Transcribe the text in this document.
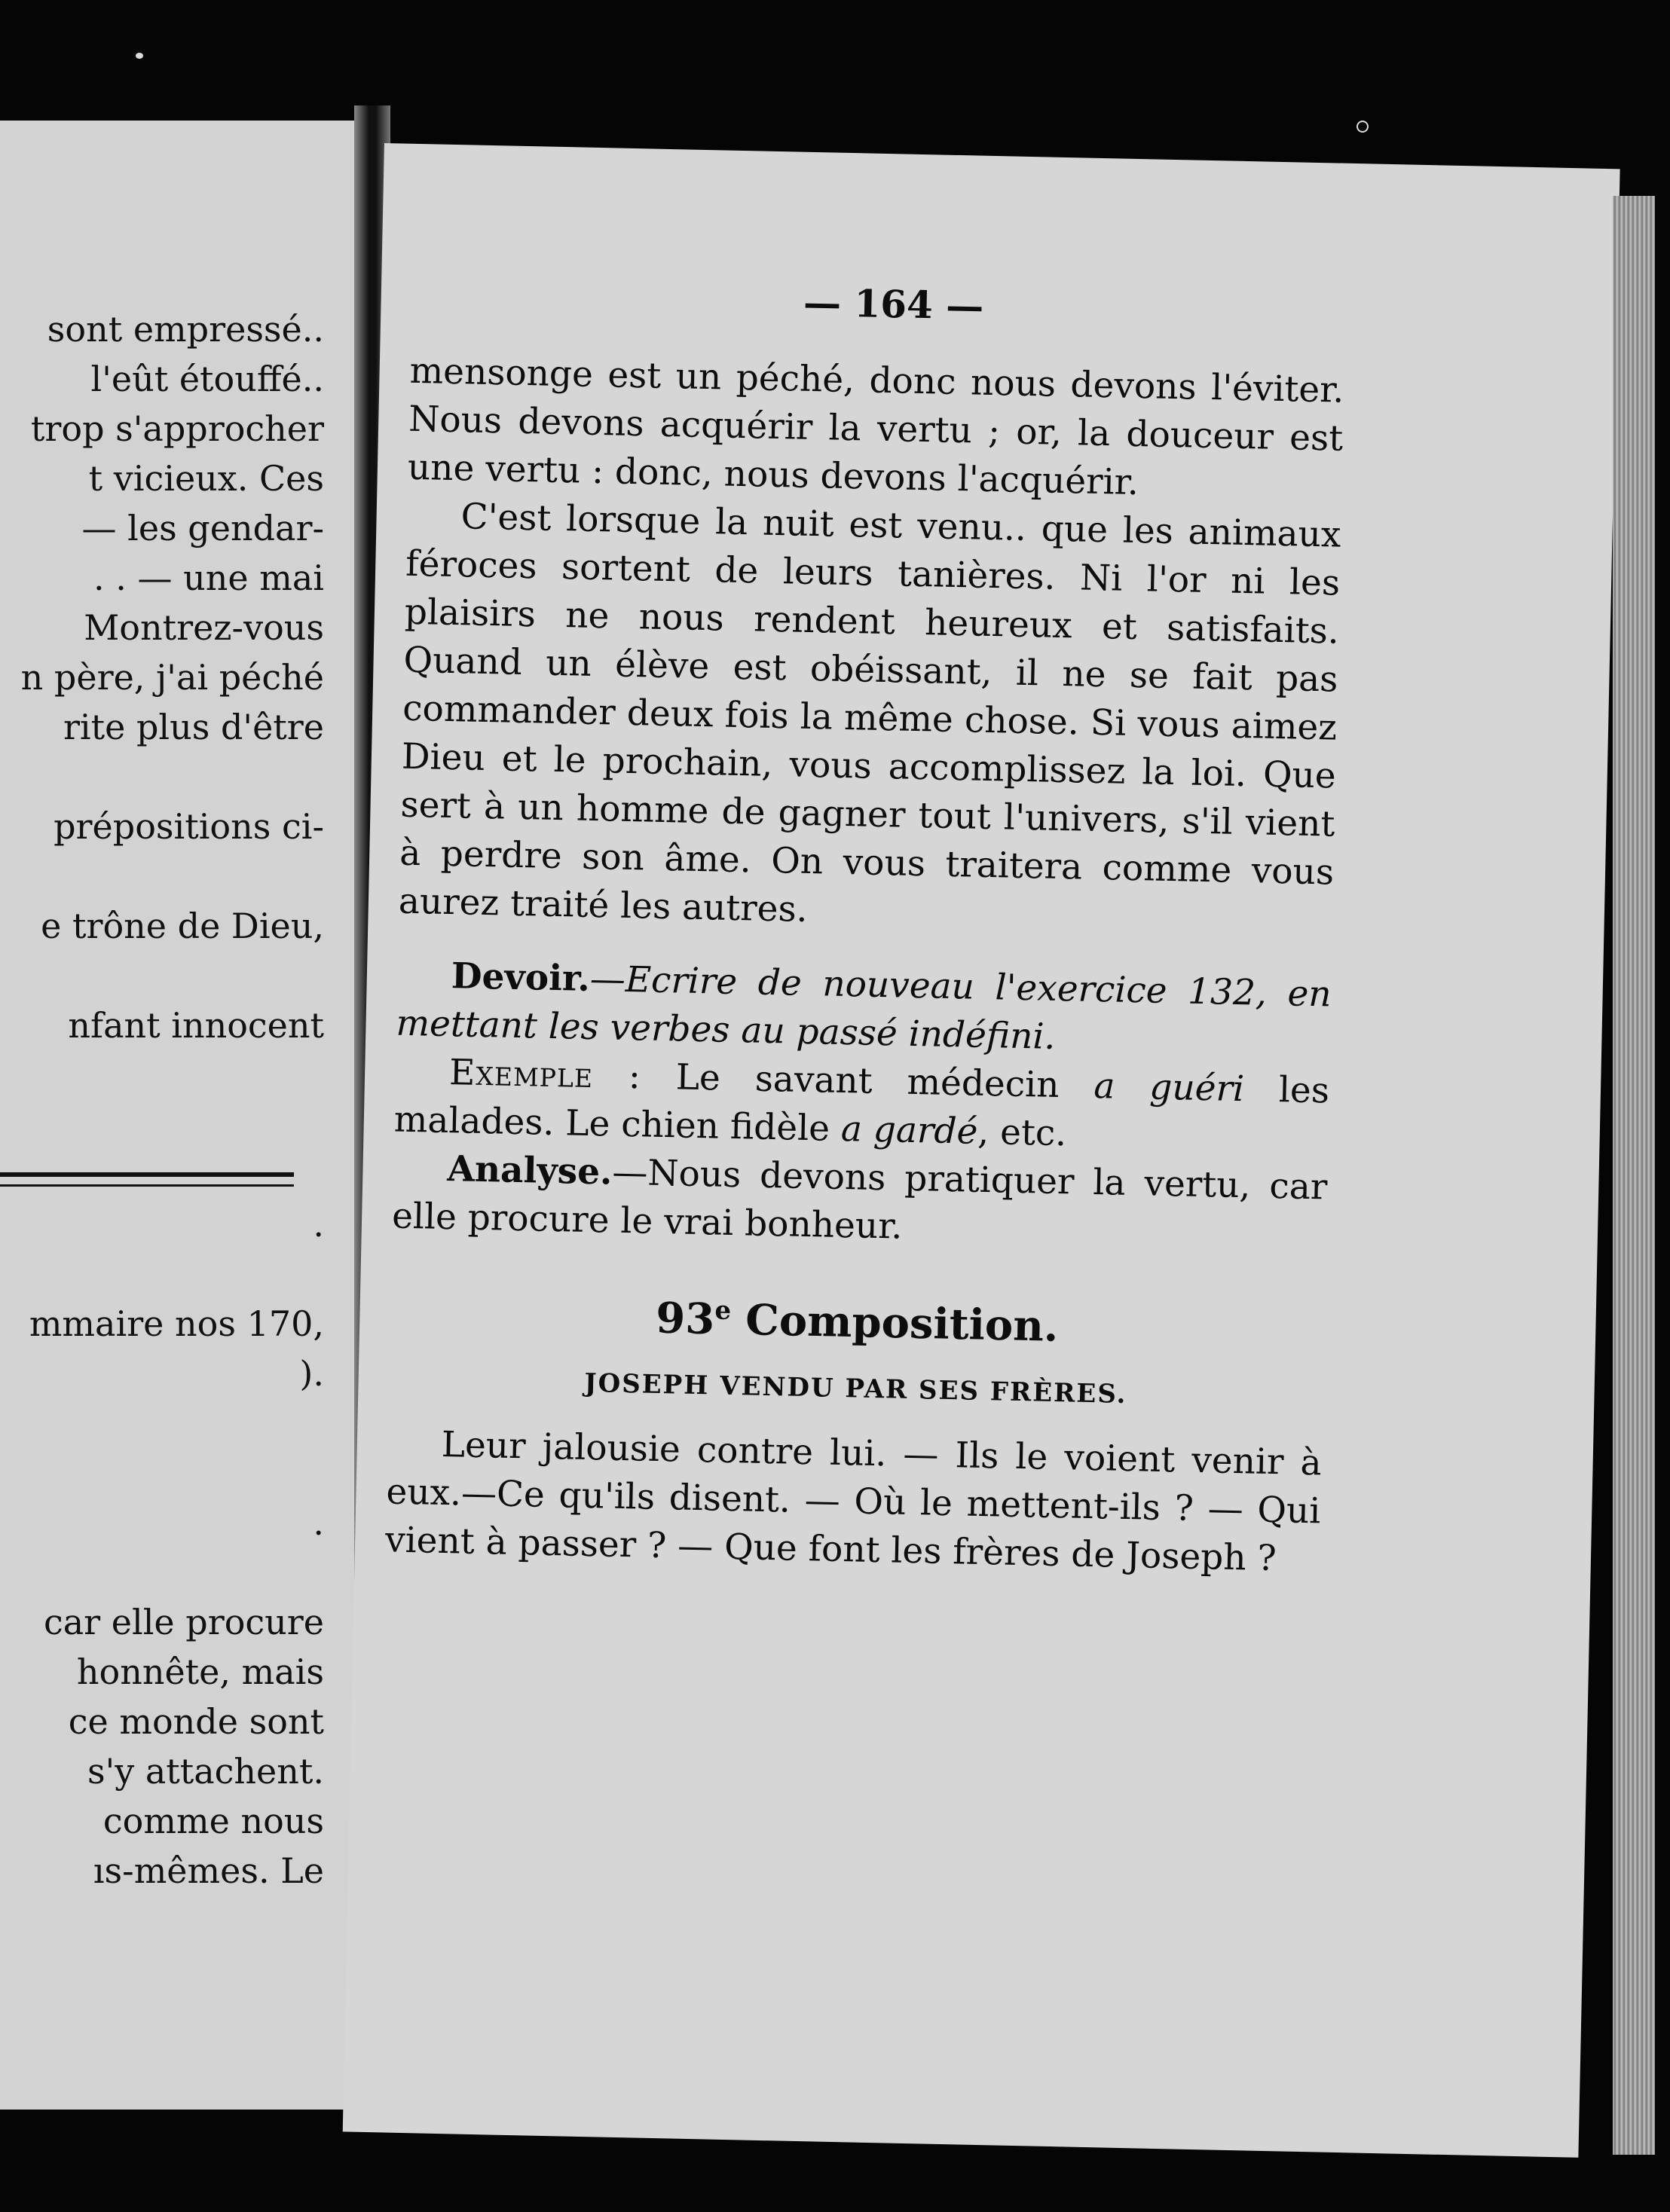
sont empressé..
l'eût étouffé..
trop s'approcher
t vicieux. Ces
— les gendar-
. . — une mai
Montrez-vous
n père, j'ai péché
rite plus d'être
prépositions ci-
e trône de Dieu,
nfant innocent
.
mmaire nos 170,
).
.
car elle procure
honnête, mais
ce monde sont
s'y attachent.
comme nous
ıs-mêmes. Le
— 164 —

mensonge est un péché, donc nous devons l'éviter. Nous devons acquérir la vertu ; or, la douceur est une vertu : donc, nous devons l'acquérir.

C'est lorsque la nuit est venu.. que les animaux féroces sortent de leurs tanières. Ni l'or ni les plaisirs ne nous rendent heureux et satisfaits. Quand un élève est obéissant, il ne se fait pas commander deux fois la même chose. Si vous aimez Dieu et le prochain, vous accomplissez la loi. Que sert à un homme de gagner tout l'univers, s'il vient à perdre son âme. On vous traitera comme vous aurez traité les autres.

Devoir.—Ecrire de nouveau l'exercice 132, en mettant les verbes au passé indéfini.

Exemple : Le savant médecin a guéri les malades. Le chien fidèle a gardé, etc.

Analyse.—Nous devons pratiquer la vertu, car elle procure le vrai bonheur.

93e Composition.

JOSEPH VENDU PAR SES FRÈRES.

Leur jalousie contre lui. — Ils le voient venir à eux.—Ce qu'ils disent. — Où le mettent-ils ? — Qui vient à passer ? — Que font les frères de Joseph ?
